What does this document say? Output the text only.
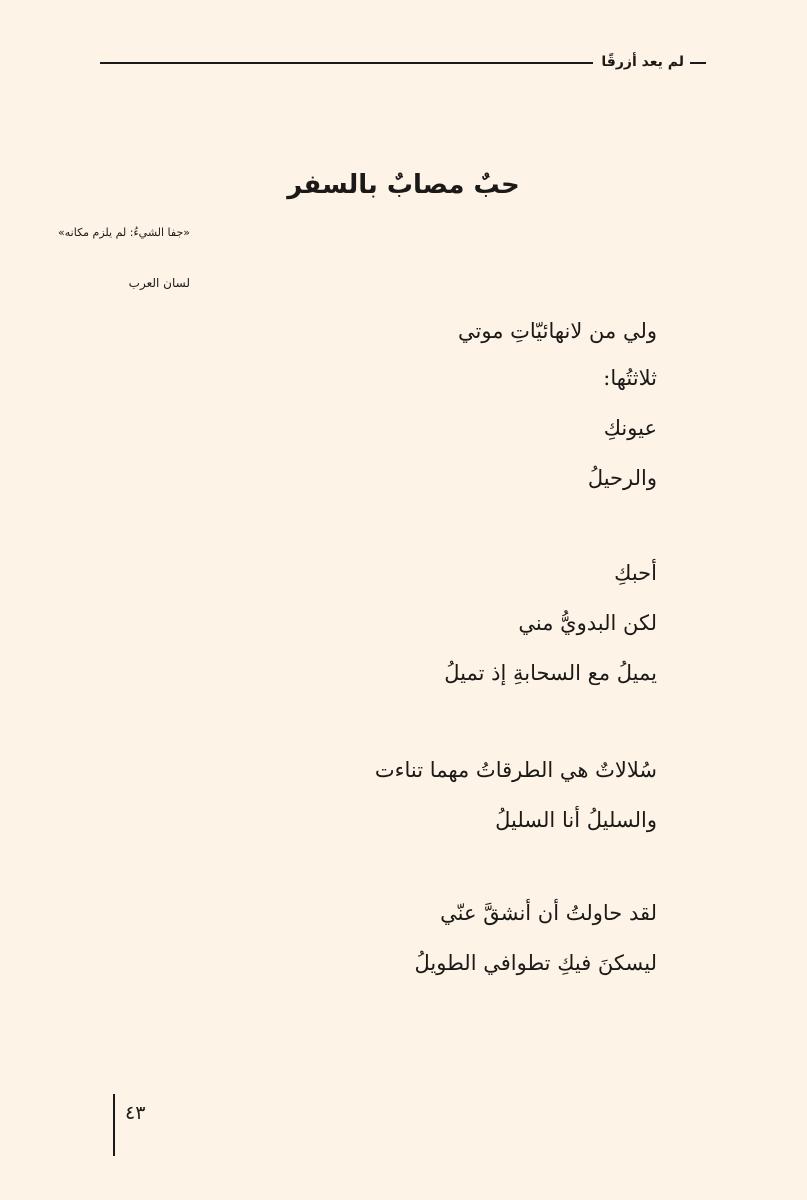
لم يعد أزرقًا
حبٌ مصابٌ بالسفر
«جفا الشيءُ: لم يلزم مكانه»
لسان العرب
ولي من لانهائيّاتِ موتي
ثلاثتُها:
عيونكِ
والرحيلُ
أحبكِ
لكن البدويُّ مني
يميلُ مع السحابةِ إذ تميلُ
سُلالاتٌ هي الطرقاتُ مهما تناءت
والسليلُ أنا السليلُ
لقد حاولتُ أن أنشقَّ عنّي
ليسكنَ فيكِ تطوافي الطويلُ
٤٣
